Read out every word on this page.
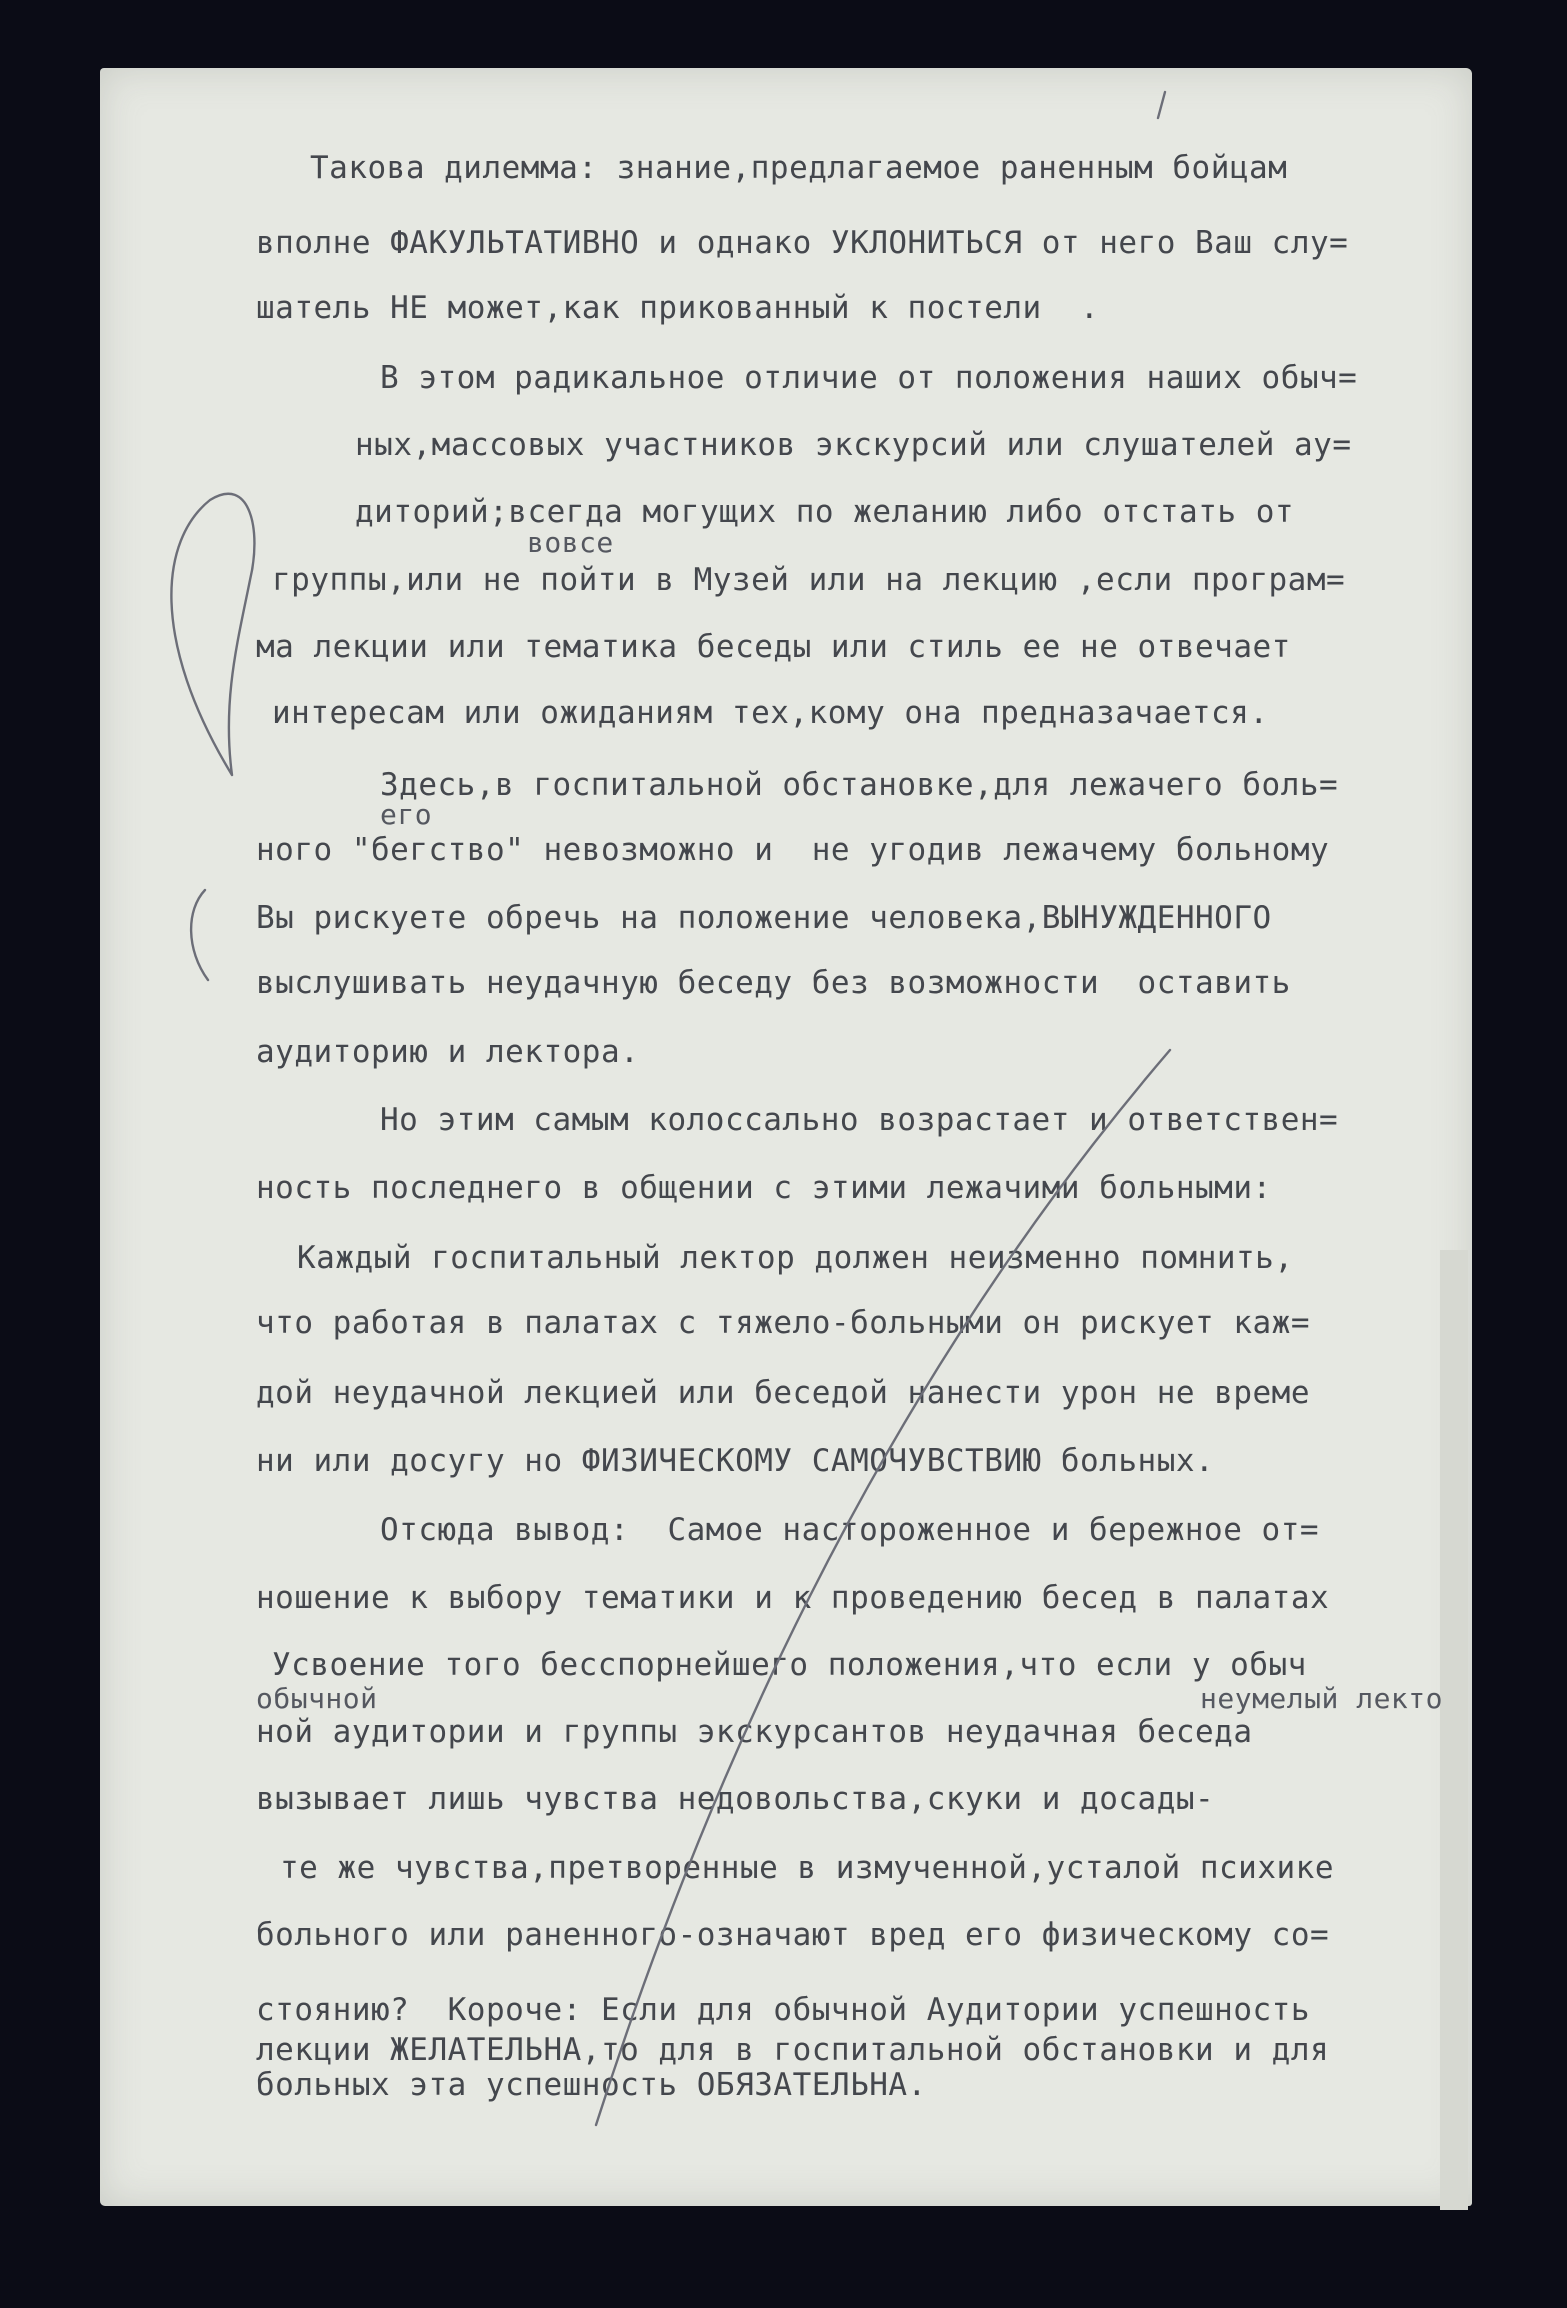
Такова дилемма: знание,предлагаемое раненным бойцам
вполне ФАКУЛЬТАТИВНО и однако УКЛОНИТЬСЯ от него Ваш слу=
шатель НЕ может,как прикованный к постели  .
В этом радикальное отличие от положения наших обыч=
ных,массовых участников экскурсий или слушателей ау=
диторий;всегда могущих по желанию либо отстать от
вовсе
группы,или не пойти в Музей или на лекцию ,если програм=
ма лекции или тематика беседы или стиль ее не отвечает
интересам или ожиданиям тех,кому она предназачается.
Здесь,в госпитальной обстановке,для лежачего боль=
его
ного "бегство" невозможно и  не угодив лежачему больному
Вы рискуете обречь на положение человека,ВЫНУЖДЕННОГО
выслушивать неудачную беседу без возможности  оставить
аудиторию и лектора.
Но этим самым колоссально возрастает и ответствен=
ность последнего в общении с этими лежачими больными:
Каждый госпитальный лектор должен неизменно помнить,
что работая в палатах с тяжело-больными он рискует каж=
дой неудачной лекцией или беседой нанести урон не време
ни или досугу но ФИЗИЧЕСКОМУ САМОЧУВСТВИЮ больных.
Отсюда вывод:  Самое настороженное и бережное от=
ношение к выбору тематики и к проведению бесед в палатах
Усвоение того бесспорнейшего положения,что если у обыч
обычной	неумелый лекто
ной аудитории и группы экскурсантов неудачная беседа
вызывает лишь чувства недовольства,скуки и досады-
те же чувства,претворенные в измученной,усталой психике
больного или раненного-означают вред его физическому со=
стоянию?  Короче: Если для обычной Аудитории успешность
лекции ЖЕЛАТЕЛЬНА,то для в госпитальной обстановки и для
больных эта успешность ОБЯЗАТЕЛЬНА.
